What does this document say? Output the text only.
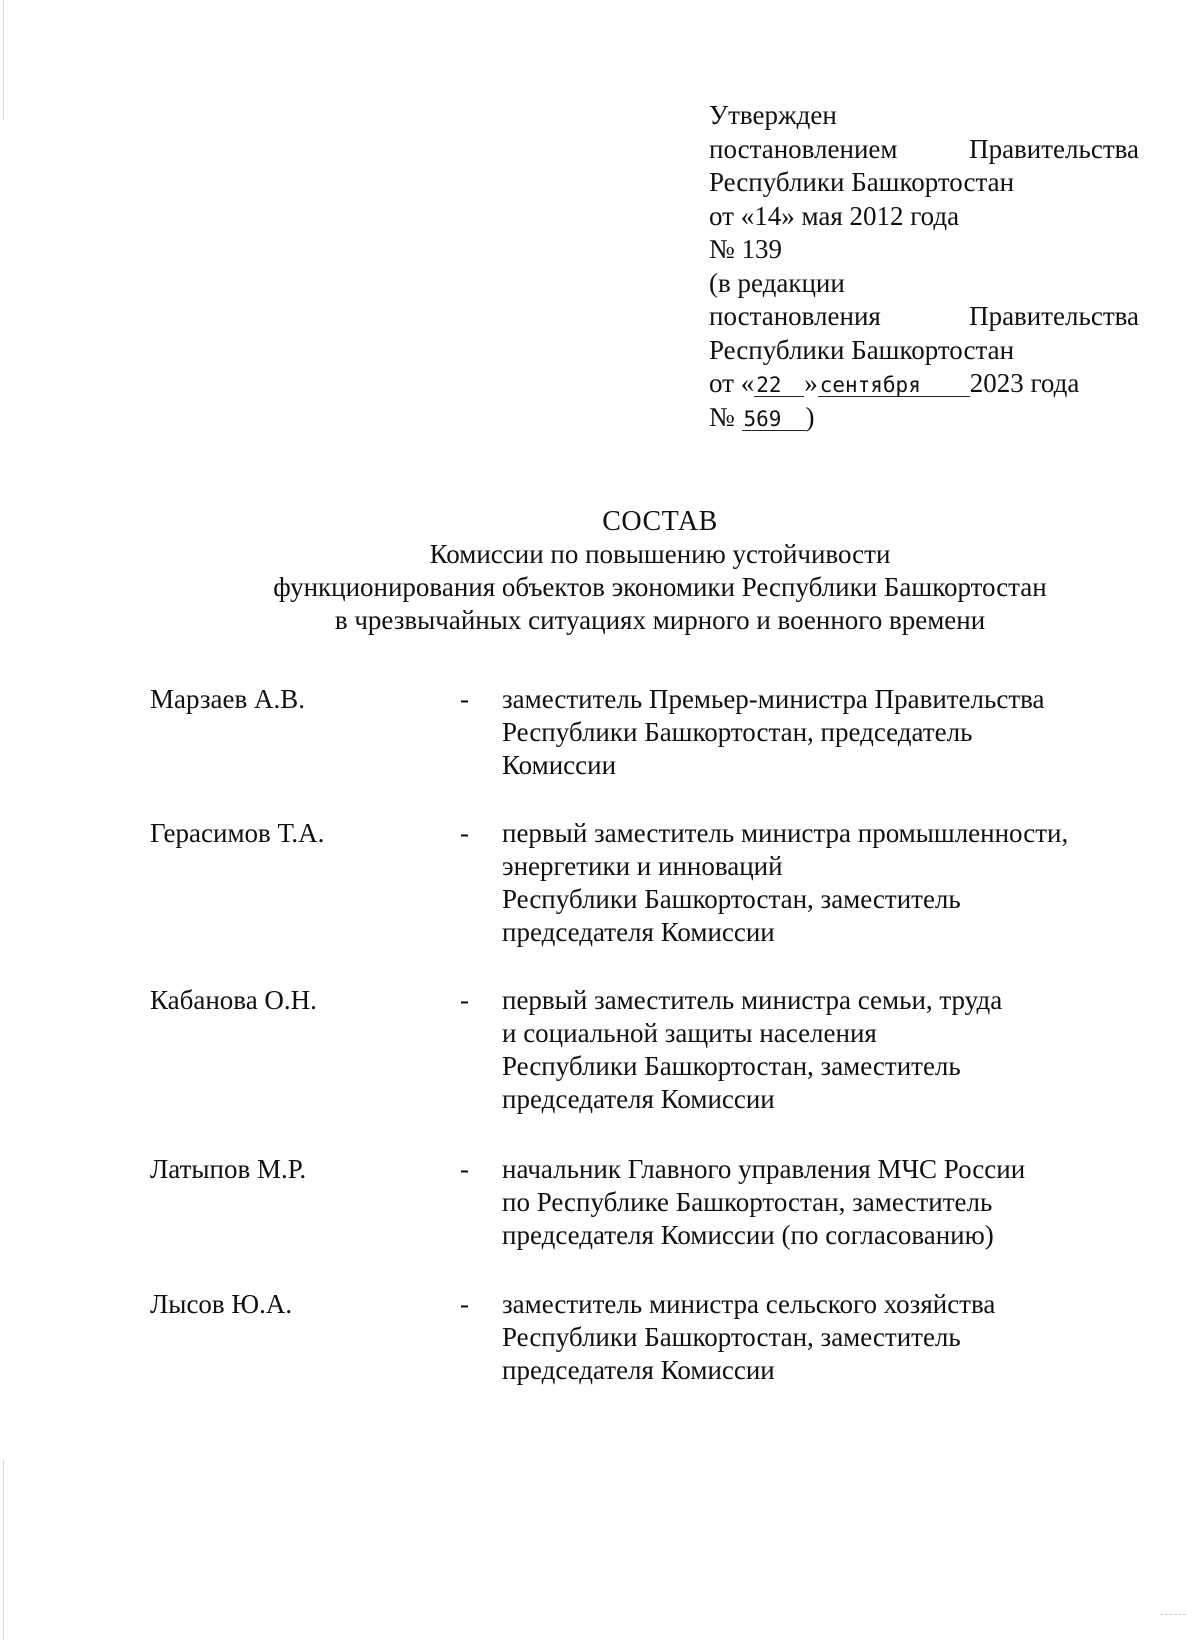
Утвержден
постановлением	Правительства
Республики Башкортостан
от «14» мая 2012 года
№ 139
(в редакции
постановления	Правительства
Республики Башкортостан
от «22 »сентября 2023 года
№ 569 )
СОСТАВ
Комиссии по повышению устойчивости
функционирования объектов экономики Республики Башкортостан
в чрезвычайных ситуациях мирного и военного времени
Марзаев А.В.	- заместитель Премьер-министра Правительства
Республики Башкортостан, председатель
Комиссии
Герасимов Т.А.	- первый заместитель министра промышленности,
энергетики и инноваций
Республики Башкортостан, заместитель
председателя Комиссии
Кабанова О.Н.	- первый заместитель министра семьи, труда
и социальной защиты населения
Республики Башкортостан, заместитель
председателя Комиссии
Латыпов М.Р.	- начальник Главного управления МЧС России
по Республике Башкортостан, заместитель
председателя Комиссии (по согласованию)
Лысов Ю.А.	- заместитель министра сельского хозяйства
Республики Башкортостан, заместитель
председателя Комиссии
